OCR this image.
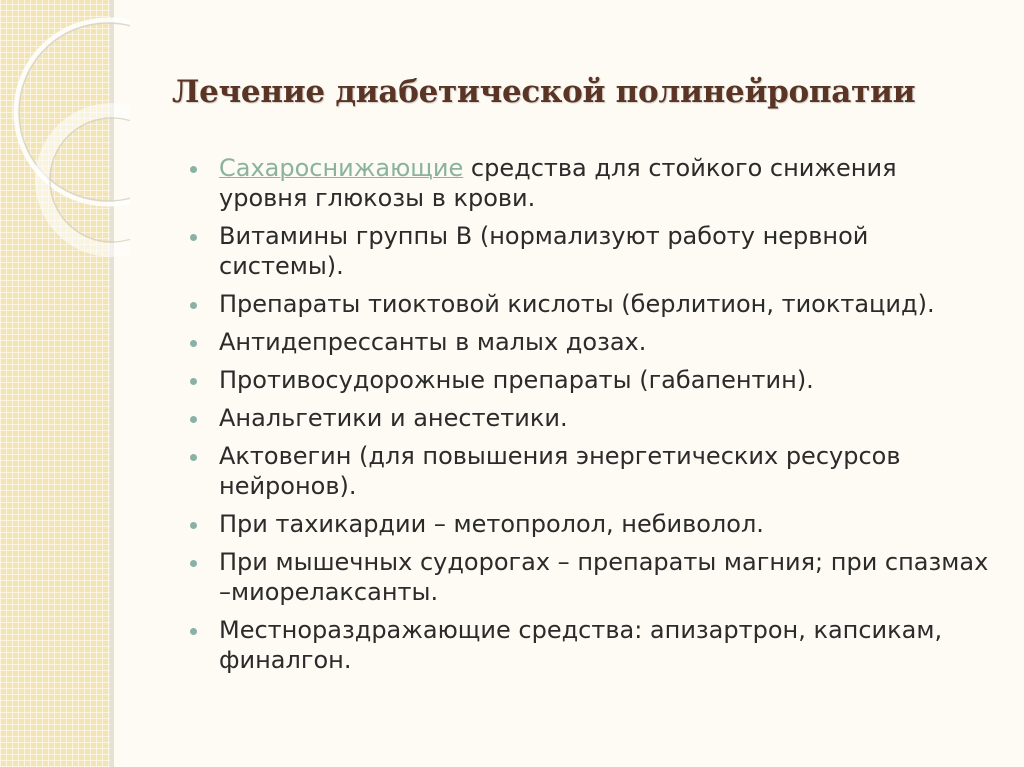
Лечение диабетической полинейропатии
Сахароснижающие средства для стойкого снижения уровня глюкозы в крови.
Витамины группы В (нормализуют работу нервной системы).
Препараты тиоктовой кислоты (берлитион, тиоктацид).
Антидепрессанты в малых дозах.
Противосудорожные препараты (габапентин).
Анальгетики и анестетики.
Актовегин (для повышения энергетических ресурсов нейронов).
При тахикардии – метопролол, небиволол.
При мышечных судорогах – препараты магния; при спазмах –миорелаксанты.
Местнораздражающие средства: апизартрон, капсикам, финалгон.
